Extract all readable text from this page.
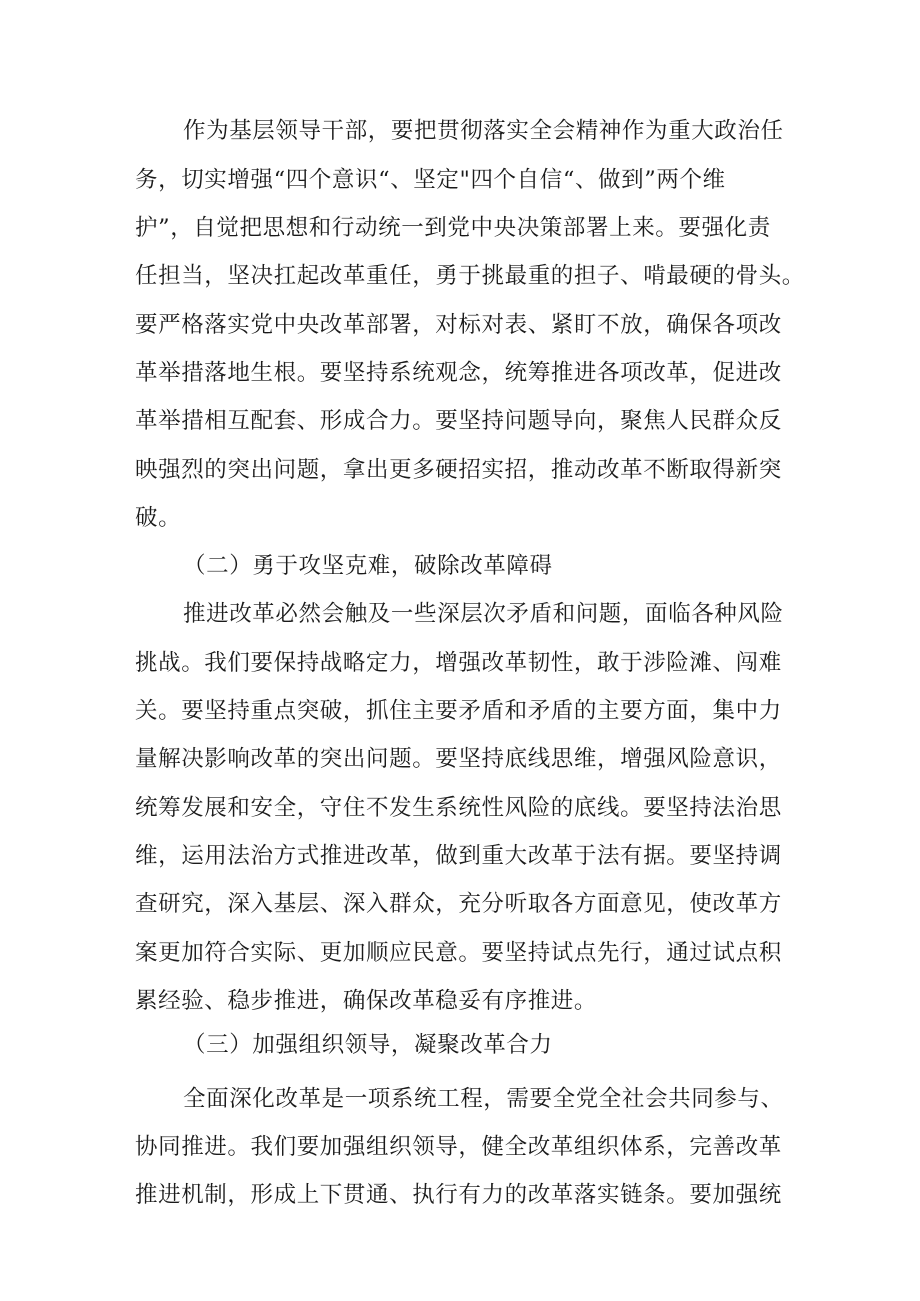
作为基层领导干部，要把贯彻落实全会精神作为重大政治任
务，切实增强“四个意识“、坚定"四个自信“、做到”两个维
护”，自觉把思想和行动统一到党中央决策部署上来。要强化责
任担当，坚决扛起改革重任，勇于挑最重的担子、啃最硬的骨头。
要严格落实党中央改革部署，对标对表、紧盯不放，确保各项改
革举措落地生根。要坚持系统观念，统筹推进各项改革，促进改
革举措相互配套、形成合力。要坚持问题导向，聚焦人民群众反
映强烈的突出问题，拿出更多硬招实招，推动改革不断取得新突
破。
（二）勇于攻坚克难，破除改革障碍
推进改革必然会触及一些深层次矛盾和问题，面临各种风险
挑战。我们要保持战略定力，增强改革韧性，敢于涉险滩、闯难
关。要坚持重点突破，抓住主要矛盾和矛盾的主要方面，集中力
量解决影响改革的突出问题。要坚持底线思维，增强风险意识，
统筹发展和安全，守住不发生系统性风险的底线。要坚持法治思
维，运用法治方式推进改革，做到重大改革于法有据。要坚持调
查研究，深入基层、深入群众，充分听取各方面意见，使改革方
案更加符合实际、更加顺应民意。要坚持试点先行，通过试点积
累经验、稳步推进，确保改革稳妥有序推进。
（三）加强组织领导，凝聚改革合力
全面深化改革是一项系统工程，需要全党全社会共同参与、
协同推进。我们要加强组织领导，健全改革组织体系，完善改革
推进机制，形成上下贯通、执行有力的改革落实链条。要加强统
